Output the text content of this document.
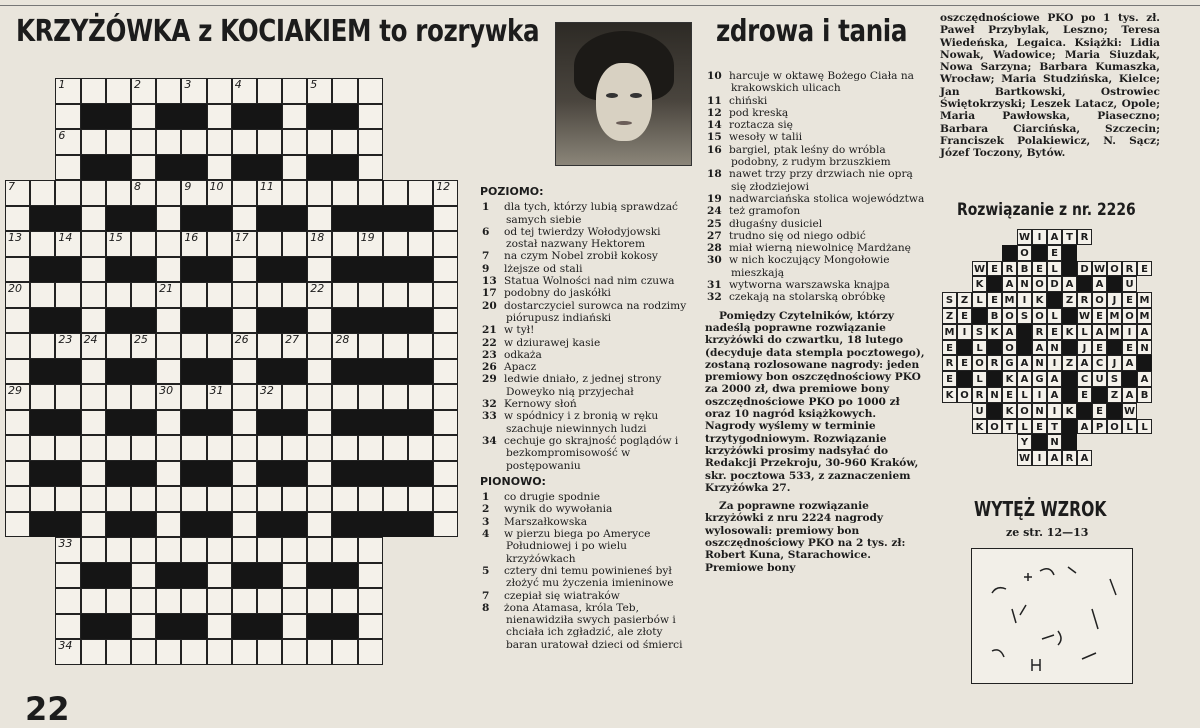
KRZYŻÓWKA z KOCIAKIEM to rozrywka	zdrowa i tania
1	2	3	4	5
6
7	8	9 10	11	12
13	14	15	16	17	18	19
20	21	22
23 24	25	26	27	28
29	30	31	32
33
34
POZIOMO:

1dla tych, którzy lubią sprawdzać samych siebie

6od tej twierdzy Wołodyjowski został nazwany Hektorem

7na czym Nobel zrobił kokosy

9lżejsze od stali

13Statua Wolności nad nim czuwa

17podobny do jaskółki

20dostarczyciel surowca na rodzimy piórupusz indiański

21w tył!

22w dziurawej kasie

23odkaża

26Apacz

29ledwie dniało, z jednej strony Doweyko nią przyjechał

32Kernowy słoń

33w spódnicy i z bronią w ręku szachuje niewinnych ludzi

34cechuje go skrajność poglądów i bezkompromisowość w postępowaniu

PIONOWO:

1co drugie spodnie

2wynik do wywołania

3Marszałkowska

4w pierzu biega po Ameryce Południowej i po wielu krzyżówkach

5cztery dni temu powinieneś był złożyć mu życzenia imieninowe

7czepiał się wiatraków

8żona Atamasa, króla Teb, nienawidziła swych pasierbów i chciała ich zgładzić, ale złoty baran uratował dzieci od śmierci

10harcuje w oktawę Bożego Ciała na krakowskich ulicach

11chiński

12pod kreską

14roztacza się

15wesoły w talii

16bargiel, ptak leśny do wróbla podobny, z rudym brzuszkiem

18nawet trzy przy drzwiach nie oprą się złodziejowi

19nadwarciańska stolica województwa

24też gramofon

25długaśny dusiciel

27trudno się od niego odbić

28miał wierną niewolnicę Mardżanę

30w nich koczujący Mongołowie mieszkają

31wytworna warszawska knajpa

32czekają na stolarską obróbkę

Pomiędzy Czytelników, którzy nadeślą poprawne rozwiązanie krzyżówki do czwartku, 18 lutego (decyduje data stempla pocztowego), zostaną rozlosowane nagrody: jeden premiowy bon oszczędnościowy PKO za 2000 zł, dwa premiowe bony oszczędnościowe PKO po 1000 zł oraz 10 nagród książkowych. Nagrody wyślemy w terminie trzytygodniowym. Rozwiązanie krzyżówki prosimy nadsyłać do Redakcji Przekroju, 30-960 Kraków, skr. pocztowa 533, z zaznaczeniem Krzyżówka 27.

Za poprawne rozwiązanie krzyżówki z nru 2224 nagrody wylosowali: premiowy bon oszczędnościowy PKO na 2 tys. zł: Robert Kuna, Starachowice. Premiowe bony

oszczędnościowe PKO po 1 tys. zł. Paweł Przybylak, Leszno; Teresa Wiedeńska, Legaica. Książki: Lidia Nowak, Wadowice; Maria Siuzdak, Nowa Sarzyna; Barbara Kumaszka, Wrocław; Maria Studzińska, Kielce; Jan Bartkowski, Ostrowiec Świętokrzyski; Leszek Latacz, Opole; Maria Pawłowska, Piaseczno; Barbara Ciarcińska, Szczecin; Franciszek Polakiewicz, N. Sącz; Józef Toczony, Bytów.

Rozwiązanie z nr. 2226
W I A T R
O	E
W E R B E L	D W O R E
K	A N O D A	A	U
S Z L E M I K	Z R O J E M
Z E	B O S O L	W E M O M
M I S K A	R E K L A M I A
E	L	O	A N	J E	E N
R E O R G A N I Z A C J A
E	L	K A G A	C U S	A
K O R N E L I A	E	Z A B
U	K O N I K	E	W
K O T L E T	A P O L L
Y	N
W I A R A
WYTĘŻ WZROK
ze str. 12—13
22
